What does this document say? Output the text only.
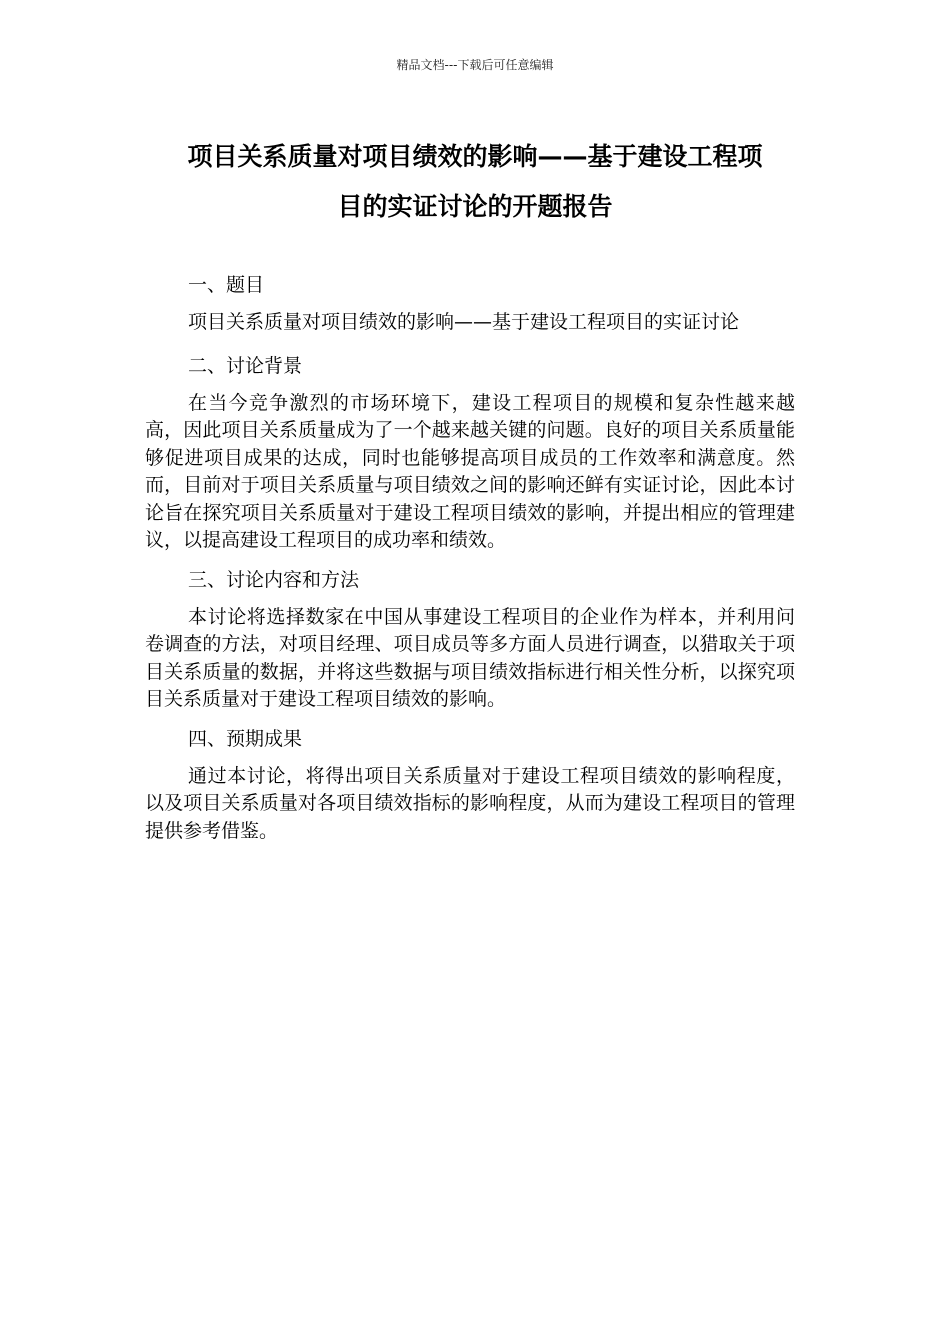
精品文档---下载后可任意编辑
项目关系质量对项目绩效的影响——基于建设工程项
目的实证讨论的开题报告
一、题目

项目关系质量对项目绩效的影响——基于建设工程项目的实证讨论

二、讨论背景

在当今竞争激烈的市场环境下，建设工程项目的规模和复杂性越来越高，因此项目关系质量成为了一个越来越关键的问题。良好的项目关系质量能够促进项目成果的达成，同时也能够提高项目成员的工作效率和满意度。然而，目前对于项目关系质量与项目绩效之间的影响还鲜有实证讨论，因此本讨论旨在探究项目关系质量对于建设工程项目绩效的影响，并提出相应的管理建议，以提高建设工程项目的成功率和绩效。

三、讨论内容和方法

本讨论将选择数家在中国从事建设工程项目的企业作为样本，并利用问卷调查的方法，对项目经理、项目成员等多方面人员进行调查，以猎取关于项目关系质量的数据，并将这些数据与项目绩效指标进行相关性分析，以探究项目关系质量对于建设工程项目绩效的影响。

四、预期成果

通过本讨论，将得出项目关系质量对于建设工程项目绩效的影响程度，以及项目关系质量对各项目绩效指标的影响程度，从而为建设工程项目的管理提供参考借鉴。
